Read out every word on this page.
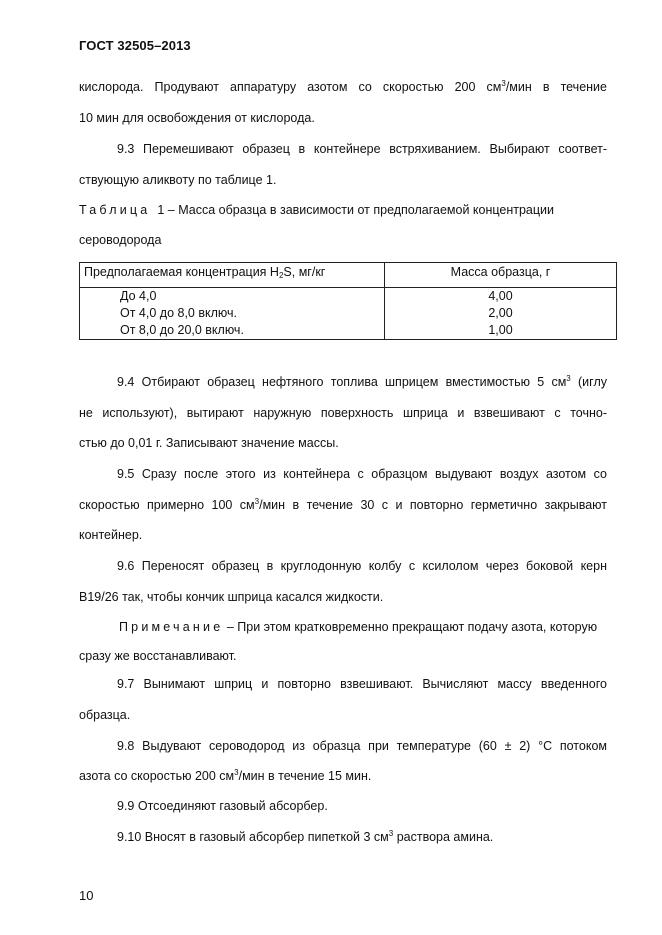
ГОСТ 32505–2013
кислорода. Продувают аппаратуру азотом со скоростью 200 $см^3$/мин в течение
10 мин для освобождения от кислорода.
9.3 Перемешивают образец в контейнере встряхиванием. Выбирают соответ-
ствующую аликвоту по таблице 1.
Таблица 1 – Масса образца в зависимости от предполагаемой концентрации
сероводорода
Предполагаемая концентрация $H_2S$, мг/кг	Масса образца, г
До 4,0	4,00
От 4,0 до 8,0 включ.	2,00
От 8,0 до 20,0 включ.	1,00
9.4 Отбирают образец нефтяного топлива шприцем вместимостью 5 $см^3$ (иглу
не используют), вытирают наружную поверхность шприца и взвешивают с точно-
стью до 0,01 г. Записывают значение массы.
9.5 Сразу после этого из контейнера с образцом выдувают воздух азотом со
скоростью примерно 100 $см^3$/мин в течение 30 с и повторно герметично закрывают
контейнер.
9.6 Переносят образец в круглодонную колбу с ксилолом через боковой керн
В19/26 так, чтобы кончик шприца касался жидкости.
Примечание – При этом кратковременно прекращают подачу азота, которую
сразу же восстанавливают.
9.7 Вынимают шприц и повторно взвешивают. Вычисляют массу введенного
образца.
9.8 Выдувают сероводород из образца при температуре (60 ± 2) °С потоком
азота со скоростью 200 $см^3$/мин в течение 15 мин.
9.9 Отсоединяют газовый абсорбер.
9.10 Вносят в газовый абсорбер пипеткой 3 $см^3$ раствора амина.
10
